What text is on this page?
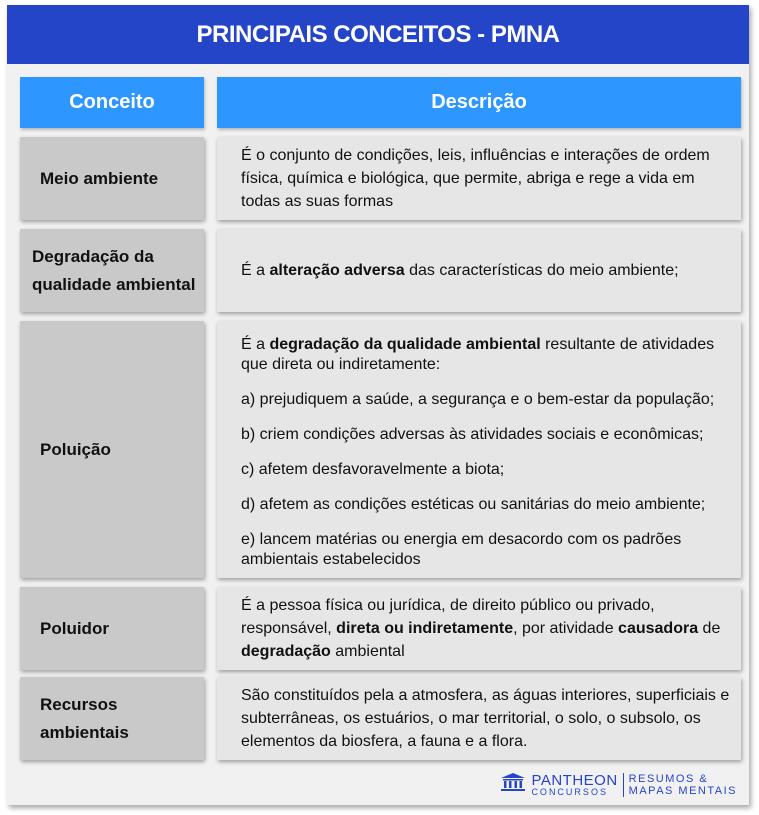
PRINCIPAIS CONCEITOS - PMNA
Conceito	Descrição
Meio ambiente

É o conjunto de condições, leis, influências e interações de ordem física, química e biológica, que permite, abriga e rege a vida em todas as suas formas

Degradação da
qualidade ambiental

É a alteração adversa das características do meio ambiente;

Poluição

É a degradação da qualidade ambiental resultante de atividades que direta ou indiretamente:

a) prejudiquem a saúde, a segurança e o bem-estar da população;

b) criem condições adversas às atividades sociais e econômicas;

c) afetem desfavoravelmente a biota;

d) afetem as condições estéticas ou sanitárias do meio ambiente;

e) lancem matérias ou energia em desacordo com os padrões ambientais estabelecidos

Poluidor

É a pessoa física ou jurídica, de direito público ou privado, responsável, direta ou indiretamente, por atividade causadora de degradação ambiental

Recursos
ambientais

São constituídos pela a atmosfera, as águas interiores, superficiais e subterrâneas, os estuários, o mar territorial, o solo, o subsolo, os elementos da biosfera, a fauna e a flora.

PANTHEON
CONCURSOS
RESUMOS &
MAPAS MENTAIS
